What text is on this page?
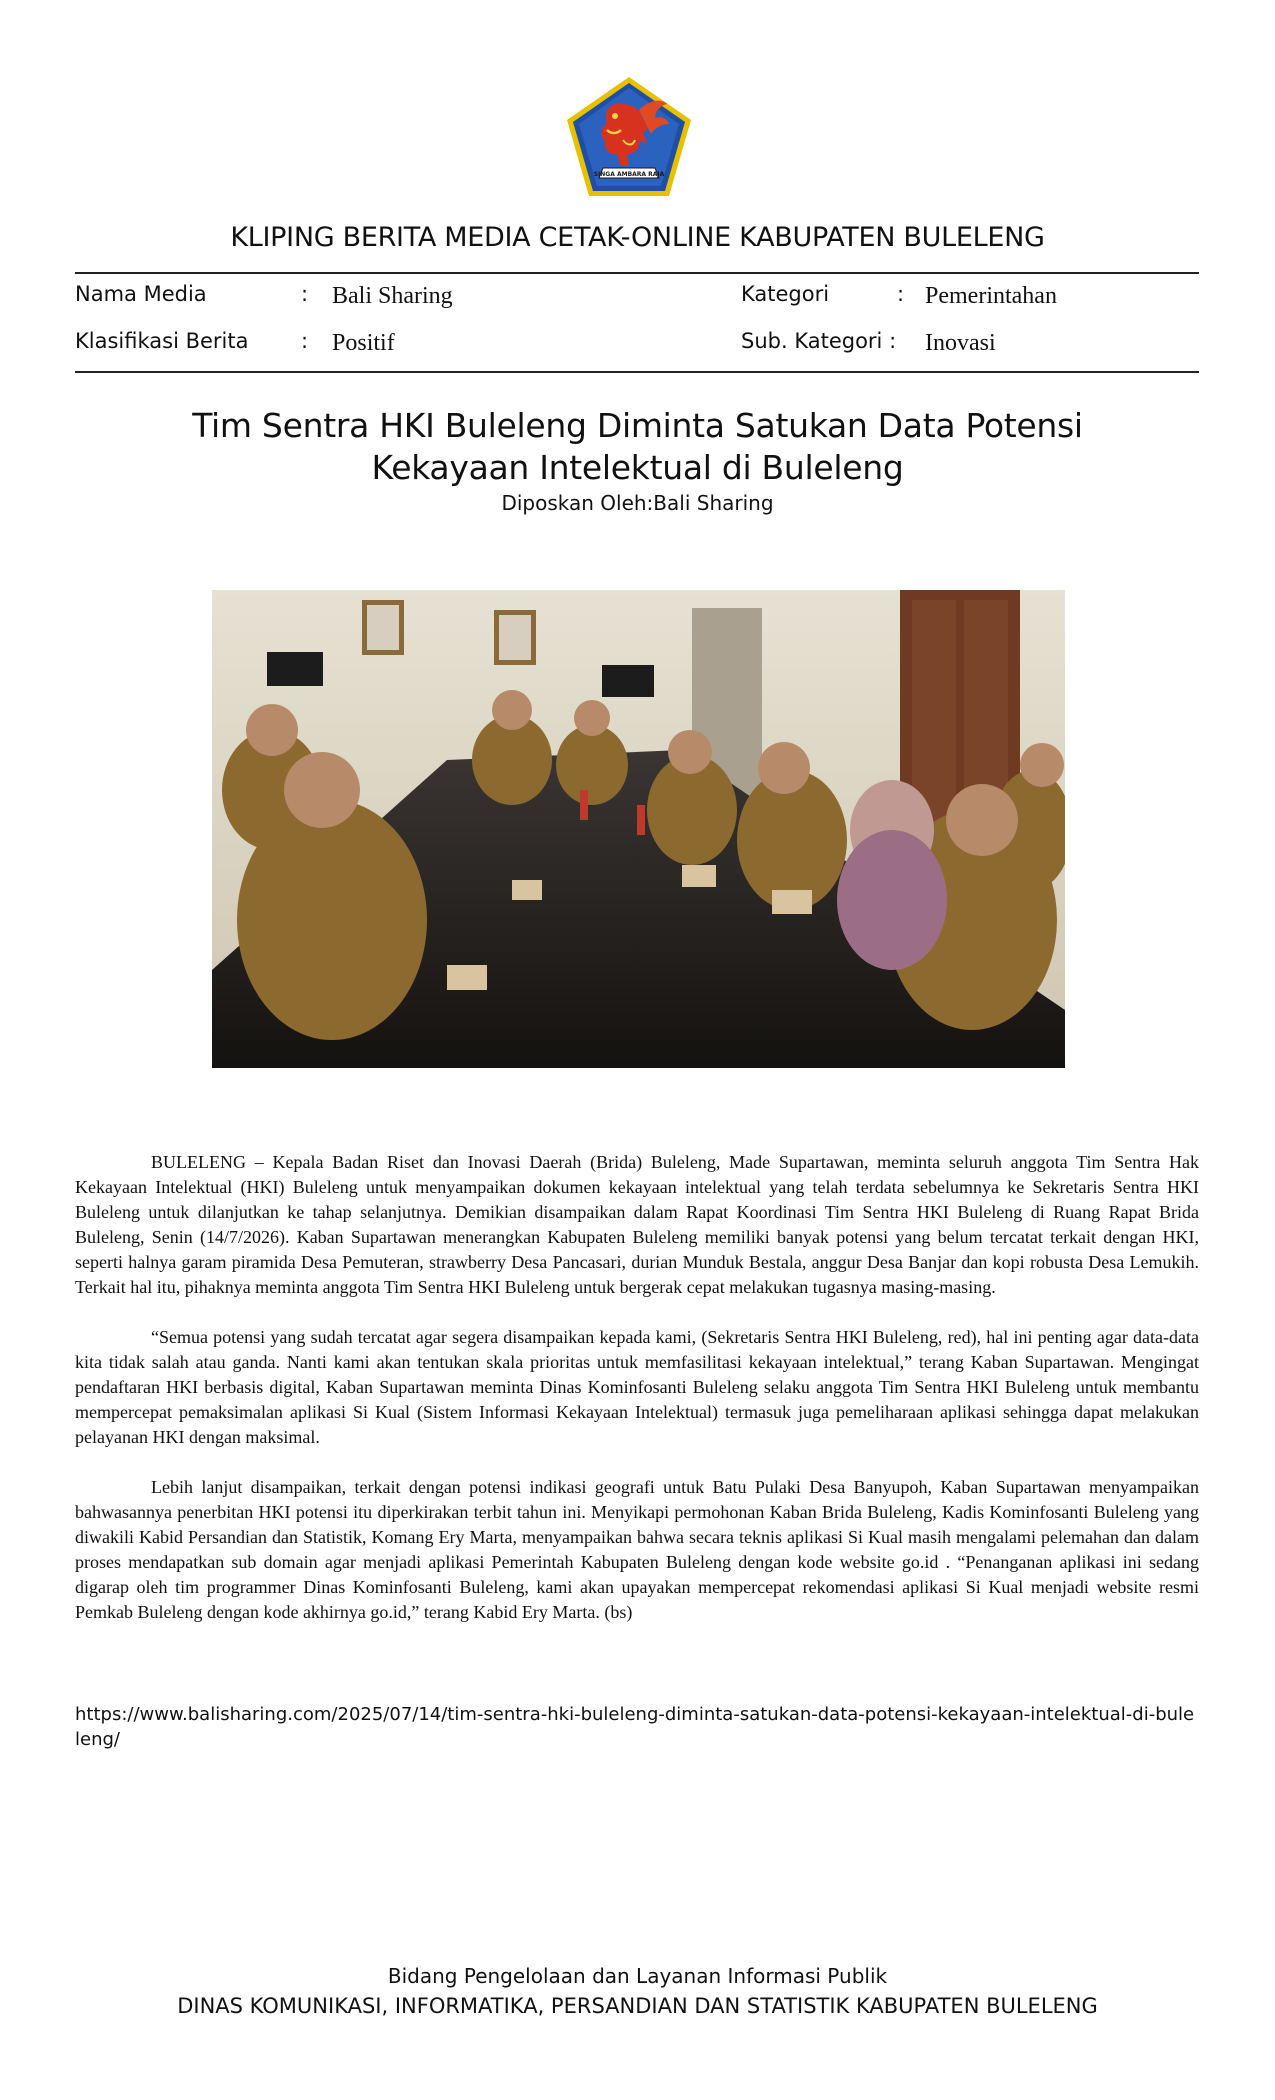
SINGA AMBARA RAJA
KLIPING BERITA MEDIA CETAK-ONLINE KABUPATEN BULELENG
Nama Media	: Bali Sharing	Kategori	: Pemerintahan
Klasifikasi Berita	: Positif	Sub. Kategori : Inovasi
Tim Sentra HKI Buleleng Diminta Satukan Data Potensi
Kekayaan Intelektual di Buleleng
Diposkan Oleh:Bali Sharing

BULELENG – Kepala Badan Riset dan Inovasi Daerah (Brida) Buleleng, Made Supartawan, meminta seluruh anggota Tim Sentra Hak Kekayaan Intelektual (HKI) Buleleng untuk menyampaikan dokumen kekayaan intelektual yang telah terdata sebelumnya ke Sekretaris Sentra HKI Buleleng untuk dilanjutkan ke tahap selanjutnya. Demikian disampaikan dalam Rapat Koordinasi Tim Sentra HKI Buleleng di Ruang Rapat Brida Buleleng, Senin (14/7/2026). Kaban Supartawan menerangkan Kabupaten Buleleng memiliki banyak potensi yang belum tercatat terkait dengan HKI, seperti halnya garam piramida Desa Pemuteran, strawberry Desa Pancasari, durian Munduk Bestala, anggur Desa Banjar dan kopi robusta Desa Lemukih. Terkait hal itu, pihaknya meminta anggota Tim Sentra HKI Buleleng untuk bergerak cepat melakukan tugasnya masing-masing.

“Semua potensi yang sudah tercatat agar segera disampaikan kepada kami, (Sekretaris Sentra HKI Buleleng, red), hal ini penting agar data-data kita tidak salah atau ganda. Nanti kami akan tentukan skala prioritas untuk memfasilitasi kekayaan intelektual,” terang Kaban Supartawan. Mengingat pendaftaran HKI berbasis digital, Kaban Supartawan meminta Dinas Kominfosanti Buleleng selaku anggota Tim Sentra HKI Buleleng untuk membantu mempercepat pemaksimalan aplikasi Si Kual (Sistem Informasi Kekayaan Intelektual) termasuk juga pemeliharaan aplikasi sehingga dapat melakukan pelayanan HKI dengan maksimal.

Lebih lanjut disampaikan, terkait dengan potensi indikasi geografi untuk Batu Pulaki Desa Banyupoh, Kaban Supartawan menyampaikan bahwasannya penerbitan HKI potensi itu diperkirakan terbit tahun ini. Menyikapi permohonan Kaban Brida Buleleng, Kadis Kominfosanti Buleleng yang diwakili Kabid Persandian dan Statistik, Komang Ery Marta, menyampaikan bahwa secara teknis aplikasi Si Kual masih mengalami pelemahan dan dalam proses mendapatkan sub domain agar menjadi aplikasi Pemerintah Kabupaten Buleleng dengan kode website go.id . “Penanganan aplikasi ini sedang digarap oleh tim programmer Dinas Kominfosanti Buleleng, kami akan upayakan mempercepat rekomendasi aplikasi Si Kual menjadi website resmi Pemkab Buleleng dengan kode akhirnya go.id,” terang Kabid Ery Marta. (bs)

https://www.balisharing.com/2025/07/14/tim-sentra-hki-buleleng-diminta-satukan-data-potensi-kekayaan-intelektual-di-buleleng/
Bidang Pengelolaan dan Layanan Informasi Publik
DINAS KOMUNIKASI, INFORMATIKA, PERSANDIAN DAN STATISTIK KABUPATEN BULELENG
